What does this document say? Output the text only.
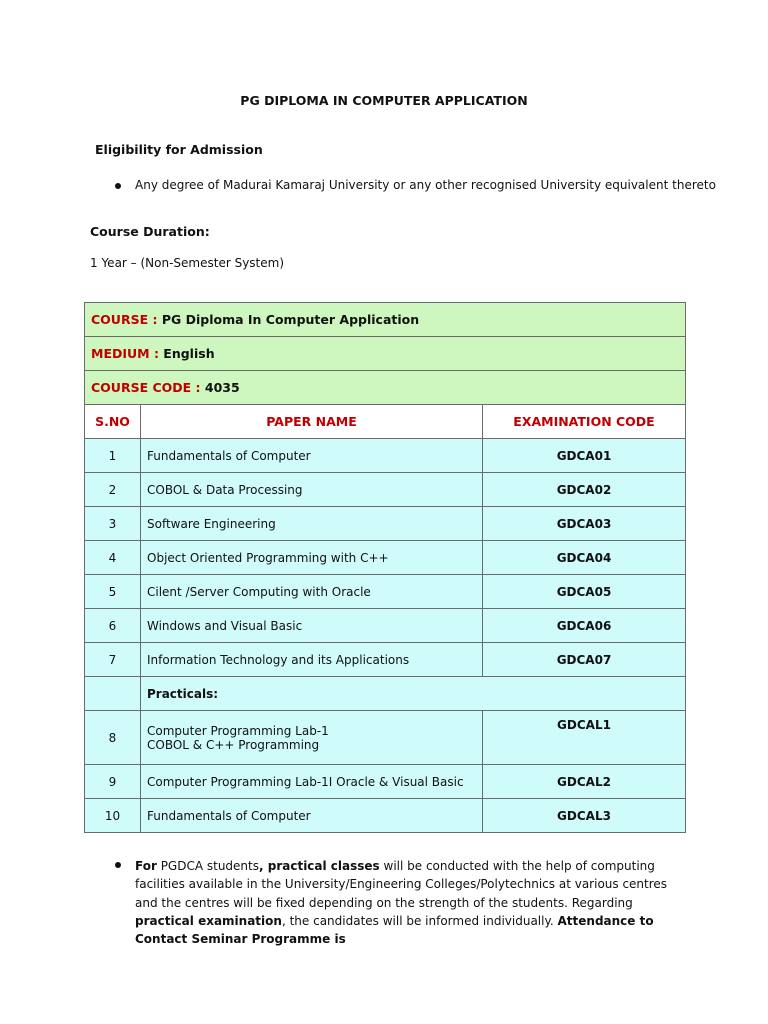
PG DIPLOMA IN COMPUTER APPLICATION
Eligibility for Admission
Any degree of Madurai Kamaraj University or any other recognised University equivalent thereto
Course Duration:
1 Year – (Non-Semester System)
COURSE : PG Diploma In Computer Application		
MEDIUM : English		
COURSE CODE : 4035		
S.NO	PAPER NAME	EXAMINATION CODE
1	Fundamentals of Computer	GDCA01
2	COBOL & Data Processing	GDCA02
3	Software Engineering	GDCA03
4	Object Oriented Programming with C++	GDCA04
5	Cilent /Server Computing with Oracle	GDCA05
6	Windows and Visual Basic	GDCA06
7	Information Technology and its Applications	GDCA07
	Practicals:	
8	Computer Programming Lab-1 COBOL & C++ Programming	GDCAL1
9	Computer Programming Lab-1I Oracle & Visual Basic	GDCAL2
10	Fundamentals of Computer	GDCAL3
For PGDCA students, practical classes will be conducted with the help of computing facilities available in the University/Engineering Colleges/Polytechnics at various centres and the centres will be fixed depending on the strength of the students. Regarding practical examination, the candidates will be informed individually. Attendance to Contact Seminar Programme is
